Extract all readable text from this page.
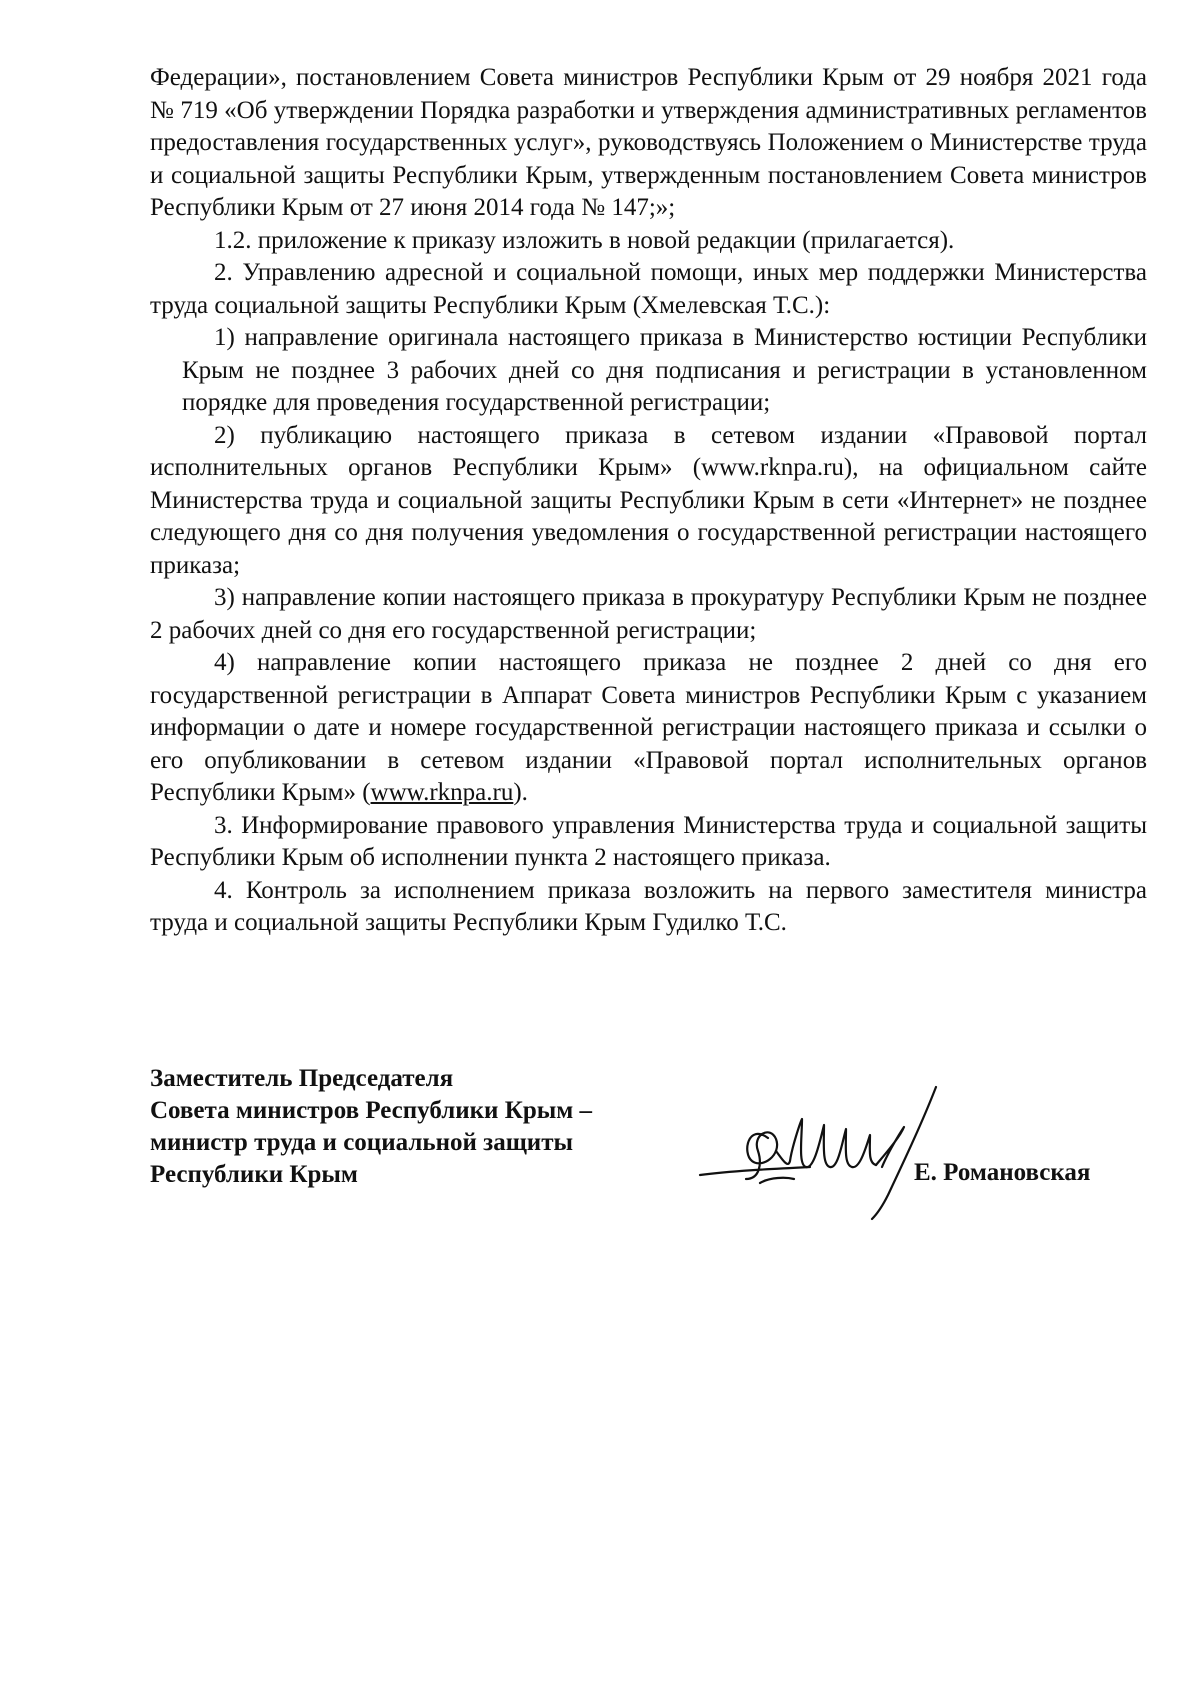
Федерации», постановлением Совета министров Республики Крым от 29 ноября 2021 года № 719 «Об утверждении Порядка разработки и утверждения административных регламентов предоставления государственных услуг», руководствуясь Положением о Министерстве труда и социальной защиты Республики Крым, утвержденным постановлением Совета министров Республики Крым от 27 июня 2014 года № 147;»;

1.2. приложение к приказу изложить в новой редакции (прилагается).

2. Управлению адресной и социальной помощи, иных мер поддержки Министерства труда социальной защиты Республики Крым (Хмелевская Т.С.):

1) направление оригинала настоящего приказа в Министерство юстиции Республики Крым не позднее 3 рабочих дней со дня подписания и регистрации в установленном порядке для проведения государственной регистрации;

2) публикацию настоящего приказа в сетевом издании «Правовой портал исполнительных органов Республики Крым» (www.rknpa.ru), на официальном сайте Министерства труда и социальной защиты Республики Крым в сети «Интернет» не позднее следующего дня со дня получения уведомления о государственной регистрации настоящего приказа;

3) направление копии настоящего приказа в прокуратуру Республики Крым не позднее 2 рабочих дней со дня его государственной регистрации;

4) направление копии настоящего приказа не позднее 2 дней со дня его государственной регистрации в Аппарат Совета министров Республики Крым с указанием информации о дате и номере государственной регистрации настоящего приказа и ссылки о его опубликовании в сетевом издании «Правовой портал исполнительных органов Республики Крым» (www.rknpa.ru).

3. Информирование правового управления Министерства труда и социальной защиты Республики Крым об исполнении пункта 2 настоящего приказа.

4. Контроль за исполнением приказа возложить на первого заместителя министра труда и социальной защиты Республики Крым Гудилко Т.С.

Заместитель Председателя
Совета министров Республики Крым –
министр труда и социальной защиты
Республики Крым	Е. Романовская
